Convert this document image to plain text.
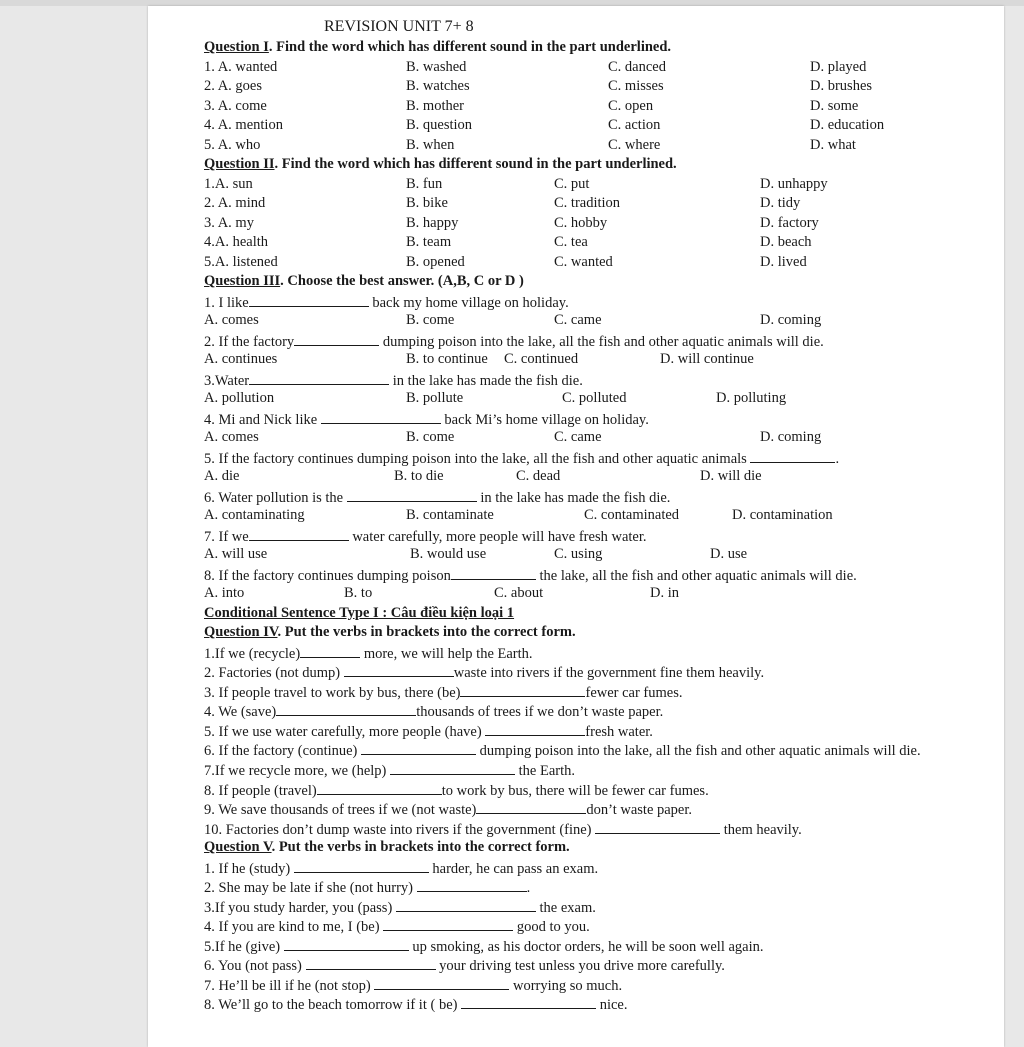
REVISION UNIT 7+ 8
Question I. Find the word which has different sound in the part underlined.
1. A. wanted	B. washed	C. danced	D. played
2. A. goes	B. watches	C. misses	D. brushes
3. A. come	B. mother	C. open	D. some
4. A. mention	B. question	C. action	D. education
5. A. who	B. when	C. where	D. what
Question II. Find the word which has different sound in the part underlined.
1.A. sun	B. fun	C. put	D. unhappy
2. A. mind	B. bike	C. tradition	D. tidy
3. A. my	B. happy	C. hobby	D. factory
4.A. health	B. team	C. tea	D. beach
5.A. listened	B. opened	C. wanted	D. lived
Question III. Choose the best answer. (A,B, C or D )
1. I like	back my home village on holiday.
A. comes	B. come	C. came	D. coming
2. If the factory	dumping poison into the lake, all the fish and other aquatic animals will die.
A. continues	B. to continue C. continued	D. will continue
3.Water	in the lake has made the fish die.
A. pollution	B. pollute	C. polluted	D. polluting
4. Mi and Nick like	back Mi’s home village on holiday.
A. comes	B. come	C. came	D. coming
5. If the factory continues dumping poison into the lake, all the fish and other aquatic animals	.
A. die	B. to die	C. dead	D. will die
6. Water pollution is the	in the lake has made the fish die.
A. contaminating	B. contaminate	C. contaminated	D. contamination
7. If we	water carefully, more people will have fresh water.
A. will use	B. would use	C. using	D. use
8. If the factory continues dumping poison	the lake, all the fish and other aquatic animals will die.
A. into	B. to	C. about	D. in
Conditional Sentence Type I : Câu điều kiện loại 1
Question IV. Put the verbs in brackets into the correct form.
1.If we (recycle)	more, we will help the Earth.
2. Factories (not dump)	waste into rivers if the government fine them heavily.
3. If people travel to work by bus, there (be)	fewer car fumes.
4. We (save)	thousands of trees if we don’t waste paper.
5. If we use water carefully, more people (have)	fresh water.
6. If the factory (continue)	dumping poison into the lake, all the fish and other aquatic animals will die.
7.If we recycle more, we (help)	the Earth.
8. If people (travel)	to work by bus, there will be fewer car fumes.
9. We save thousands of trees if we (not waste)	don’t waste paper.
10. Factories don’t dump waste into rivers if the government (fine)	them heavily.
Question V. Put the verbs in brackets into the correct form.
1. If he (study)	harder, he can pass an exam.
2. She may be late if she (not hurry)	.
3.If you study harder, you (pass)	the exam.
4. If you are kind to me, I (be)	good to you.
5.If he (give)	up smoking, as his doctor orders, he will be soon well again.
6. You (not pass)	your driving test unless you drive more carefully.
7. He’ll be ill if he (not stop)	worrying so much.
8. We’ll go to the beach tomorrow if it ( be)	nice.
